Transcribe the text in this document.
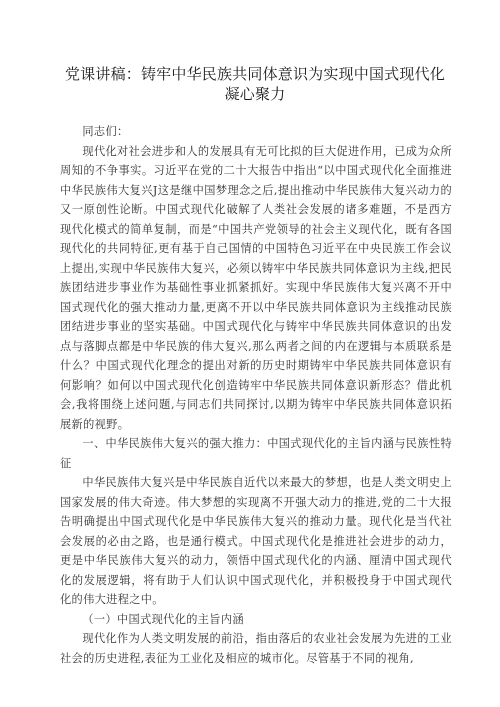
党课讲稿：铸牢中华民族共同体意识为实现中国式现代化凝心聚力

同志们：

现代化对社会进步和人的发展具有无可比拟的巨大促进作用，已成为众所周知的不争事实。习近平在党的二十大报告中指出“以中国式现代化全面推进中华民族伟大复兴J这是继中国梦理念之后,提出推动中华民族伟大复兴动力的又一原创性论断。中国式现代化破解了人类社会发展的诸多难题，不是西方现代化模式的简单复制，而是“中国共产党领导的社会主义现代化，既有各国现代化的共同特征,更有基于自己国情的中国特色习近平在中央民族工作会议上提出,实现中华民族伟大复兴，必须以铸牢中华民族共同体意识为主线,把民族团结进步事业作为基础性事业抓紧抓好。实现中华民族伟大复兴离不开中国式现代化的强大推动力量,更离不开以中华民族共同体意识为主线推动民族团结进步事业的坚实基础。中国式现代化与铸牢中华民族共同体意识的出发点与落脚点都是中华民族的伟大复兴,那么两者之间的内在逻辑与本质联系是什么？中国式现代化理念的提出对新的历史时期铸牢中华民族共同体意识有何影响？如何以中国式现代化创造铸牢中华民族共同体意识新形态？借此机会,我将围绕上述问题,与同志们共同探讨,以期为铸牢中华民族共同体意识拓展新的视野。

一、中华民族伟大复兴的强大推力：中国式现代化的主旨内涵与民族性特征

中华民族伟大复兴是中华民族自近代以来最大的梦想，也是人类文明史上国家发展的伟大奇迹。伟大梦想的实现离不开强大动力的推进,党的二十大报告明确提出中国式现代化是中华民族伟大复兴的推动力量。现代化是当代社会发展的必由之路，也是通行模式。中国式现代化是推进社会进步的动力，更是中华民族伟大复兴的动力，领悟中国式现代化的内涵、厘清中国式现代化的发展逻辑，将有助于人们认识中国式现代化，并积极投身于中国式现代化的伟大进程之中。

（一）中国式现代化的主旨内涵

现代化作为人类文明发展的前沿，指由落后的农业社会发展为先进的工业社会的历史进程,表征为工业化及相应的城市化。尽管基于不同的视角,
